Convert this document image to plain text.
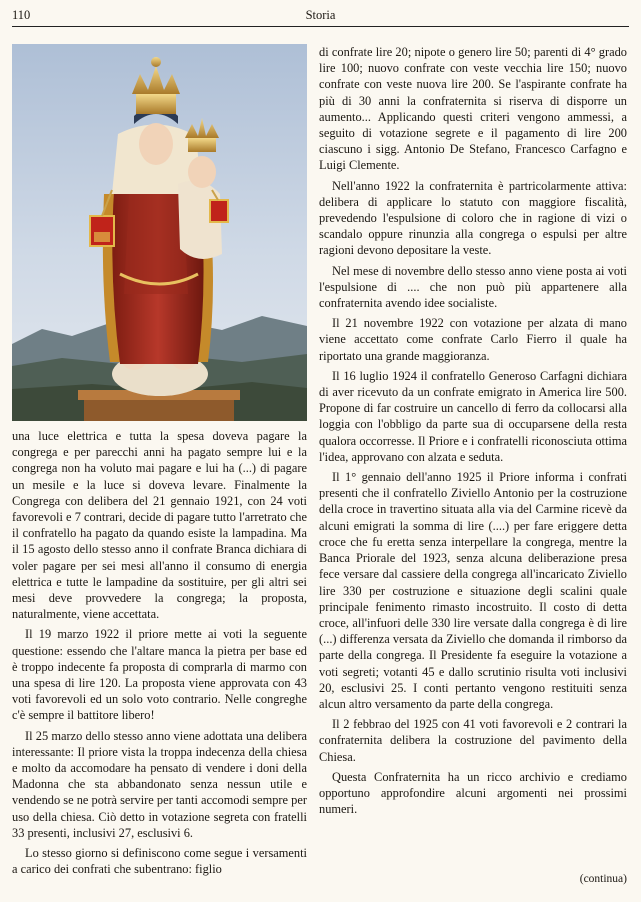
110	Storia

una luce elettrica e tutta la spesa doveva pagare la congrega e per parecchi anni ha pagato sempre lui e la congrega non ha voluto mai pagare e lui ha (...) di pagare un mesile e la luce si doveva levare. Finalmente la Congrega con delibera del 21 gennaio 1921, con 24 voti favorevoli e 7 contrari, decide di pagare tutto l'arretrato che il confratello ha pagato da quando esiste la lampadina. Ma il 15 agosto dello stesso anno il confrate Branca dichiara di voler pagare per sei mesi all'anno il consumo di energia elettrica e tutte le lampadine da sostituire, per gli altri sei mesi deve provvedere la congrega; la proposta, naturalmente, viene accettata.

Il 19 marzo 1922 il priore mette ai voti la seguente questione: essendo che l'altare manca la pietra per base ed è troppo indecente fa proposta di comprarla di marmo con una spesa di lire 120. La proposta viene approvata con 43 voti favorevoli ed un solo voto contrario. Nelle congreghe c'è sempre il battitore libero!

Il 25 marzo dello stesso anno viene adottata una delibera interessante: Il priore vista la troppa indecenza della chiesa e molto da accomodare ha pensato di vendere i doni della Madonna che sta abbandonato senza nessun utile e vendendo se ne potrà servire per tanti accomodi sempre per uso della chiesa. Ciò detto in votazione segreta con fratelli 33 presenti, inclusivi 27, esclusivi 6.

Lo stesso giorno si definiscono come segue i versamenti a carico dei confrati che subentrano: figlio

di confrate lire 20; nipote o genero lire 50; parenti di 4° grado lire 100; nuovo confrate con veste vecchia lire 150; nuovo confrate con veste nuova lire 200. Se l'aspirante confrate ha più di 30 anni la confraternita si riserva di disporre un aumento... Applicando questi criteri vengono ammessi, a seguito di votazione segrete e il pagamento di lire 200 ciascuno i sigg. Antonio De Stefano, Francesco Carfagno e Luigi Clemente.

Nell'anno 1922 la confraternita è partricolarmente attiva: delibera di applicare lo statuto con maggiore fiscalità, prevedendo l'espulsione di coloro che in ragione di vizi o scandalo oppure rinunzia alla congrega o espulsi per altre ragioni devono depositare la veste.

Nel mese di novembre dello stesso anno viene posta ai voti l'espulsione di .... che non può più appartenere alla confraternita avendo idee socialiste.

Il 21 novembre 1922 con votazione per alzata di mano viene accettato come confrate Carlo Fierro il quale ha riportato una grande maggioranza.

Il 16 luglio 1924 il confratello Generoso Carfagni dichiara di aver ricevuto da un confrate emigrato in America lire 500. Propone di far costruire un cancello di ferro da collocarsi alla loggia con l'obbligo da parte sua di occuparsene della resta qualora occorresse. Il Priore e i confratelli riconosciuta ottima l'idea, approvano con alzata e seduta.

Il 1° gennaio dell'anno 1925 il Priore informa i confrati presenti che il confratello Ziviello Antonio per la costruzione della croce in travertino situata alla via del Carmine ricevè da alcuni emigrati la somma di lire (....) per fare eriggere detta croce che fu eretta senza interpellare la congrega, mentre la Banca Priorale del 1923, senza alcuna deliberazione presa fece versare dal cassiere della congrega all'incaricato Ziviello lire 330 per costruzione e situazione degli scalini quale principale fenimento rimasto incostruito. Il costo di detta croce, all'infuori delle 330 lire versate dalla congrega è di lire (...) differenza versata da Ziviello che domanda il rimborso da parte della congrega. Il Presidente fa eseguire la votazione a voti segreti; votanti 45 e dallo scrutinio risulta voti inclusivi 20, esclusivi 25. I conti pertanto vengono restituiti senza alcun altro versamento da parte della congrega.

Il 2 febbrao del 1925 con 41 voti favorevoli e 2 contrari la confraternita delibera la costruzione del pavimento della Chiesa.

Questa Confraternita ha un ricco archivio e crediamo opportuno approfondire alcuni argomenti nei prossimi numeri.

(continua)
